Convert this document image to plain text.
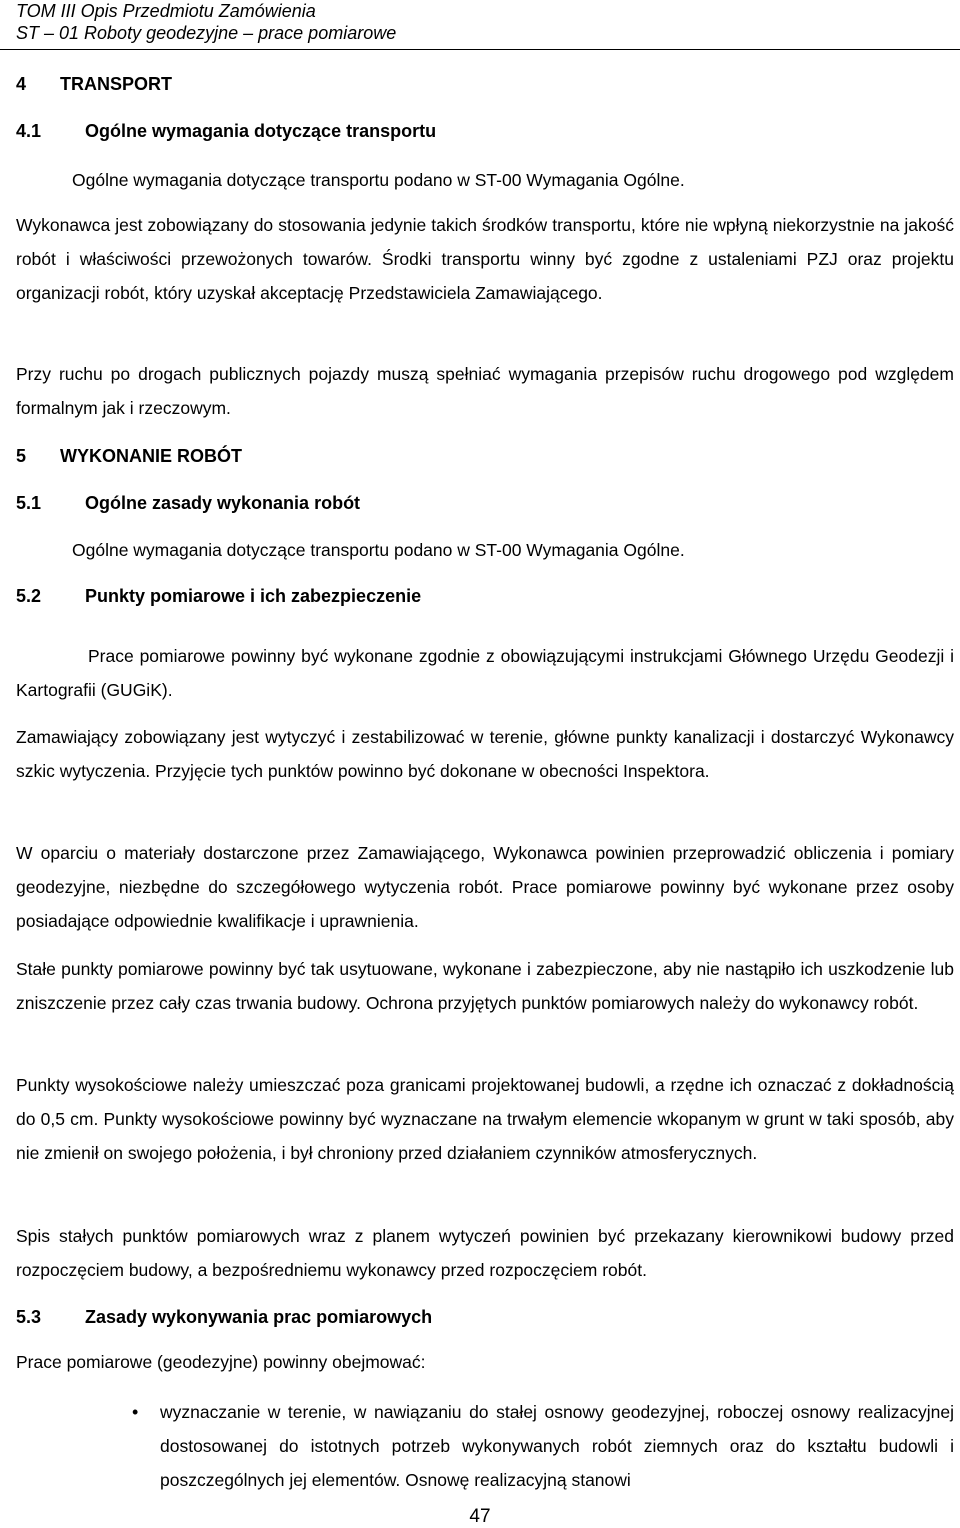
TOM III Opis Przedmiotu Zamówienia
ST – 01 Roboty geodezyjne – prace pomiarowe
4 TRANSPORT
4.1 Ogólne wymagania dotyczące transportu
Ogólne wymagania dotyczące transportu podano w ST-00 Wymagania Ogólne.
Wykonawca jest zobowiązany do stosowania jedynie takich środków transportu, które nie wpłyną niekorzystnie na jakość robót i właściwości przewożonych towarów. Środki transportu winny być zgodne z ustaleniami PZJ oraz projektu organizacji robót, który uzyskał akceptację Przedstawiciela Zamawiającego.
Przy ruchu po drogach publicznych pojazdy muszą spełniać wymagania przepisów ruchu drogowego pod względem formalnym jak i rzeczowym.
5 WYKONANIE ROBÓT
5.1 Ogólne zasady wykonania robót
Ogólne wymagania dotyczące transportu podano w ST-00 Wymagania Ogólne.
5.2 Punkty pomiarowe i ich zabezpieczenie
Prace pomiarowe powinny być wykonane zgodnie z obowiązującymi instrukcjami Głównego Urzędu Geodezji i Kartografii (GUGiK).
Zamawiający zobowiązany jest wytyczyć i zestabilizować w terenie, główne punkty kanalizacji i dostarczyć Wykonawcy szkic wytyczenia. Przyjęcie tych punktów powinno być dokonane w obecności Inspektora.
W oparciu o materiały dostarczone przez Zamawiającego, Wykonawca powinien przeprowadzić obliczenia i pomiary geodezyjne, niezbędne do szczegółowego wytyczenia robót. Prace pomiarowe powinny być wykonane przez osoby posiadające odpowiednie kwalifikacje i uprawnienia.
Stałe punkty pomiarowe powinny być tak usytuowane, wykonane i zabezpieczone, aby nie nastąpiło ich uszkodzenie lub zniszczenie przez cały czas trwania budowy. Ochrona przyjętych punktów pomiarowych należy do wykonawcy robót.
Punkty wysokościowe należy umieszczać poza granicami projektowanej budowli, a rzędne ich oznaczać z dokładnością do 0,5 cm. Punkty wysokościowe powinny być wyznaczane na trwałym elemencie wkopanym w grunt w taki sposób, aby nie zmienił on swojego położenia, i był chroniony przed działaniem czynników atmosferycznych.
Spis stałych punktów pomiarowych wraz z planem wytyczeń powinien być przekazany kierownikowi budowy przed rozpoczęciem budowy, a bezpośredniemu wykonawcy przed rozpoczęciem robót.
5.3 Zasady wykonywania prac pomiarowych
Prace pomiarowe (geodezyjne) powinny obejmować:
• wyznaczanie w terenie, w nawiązaniu do stałej osnowy geodezyjnej, roboczej osnowy realizacyjnej dostosowanej do istotnych potrzeb wykonywanych robót ziemnych oraz do kształtu budowli i poszczególnych jej elementów. Osnowę realizacyjną stanowi
47
